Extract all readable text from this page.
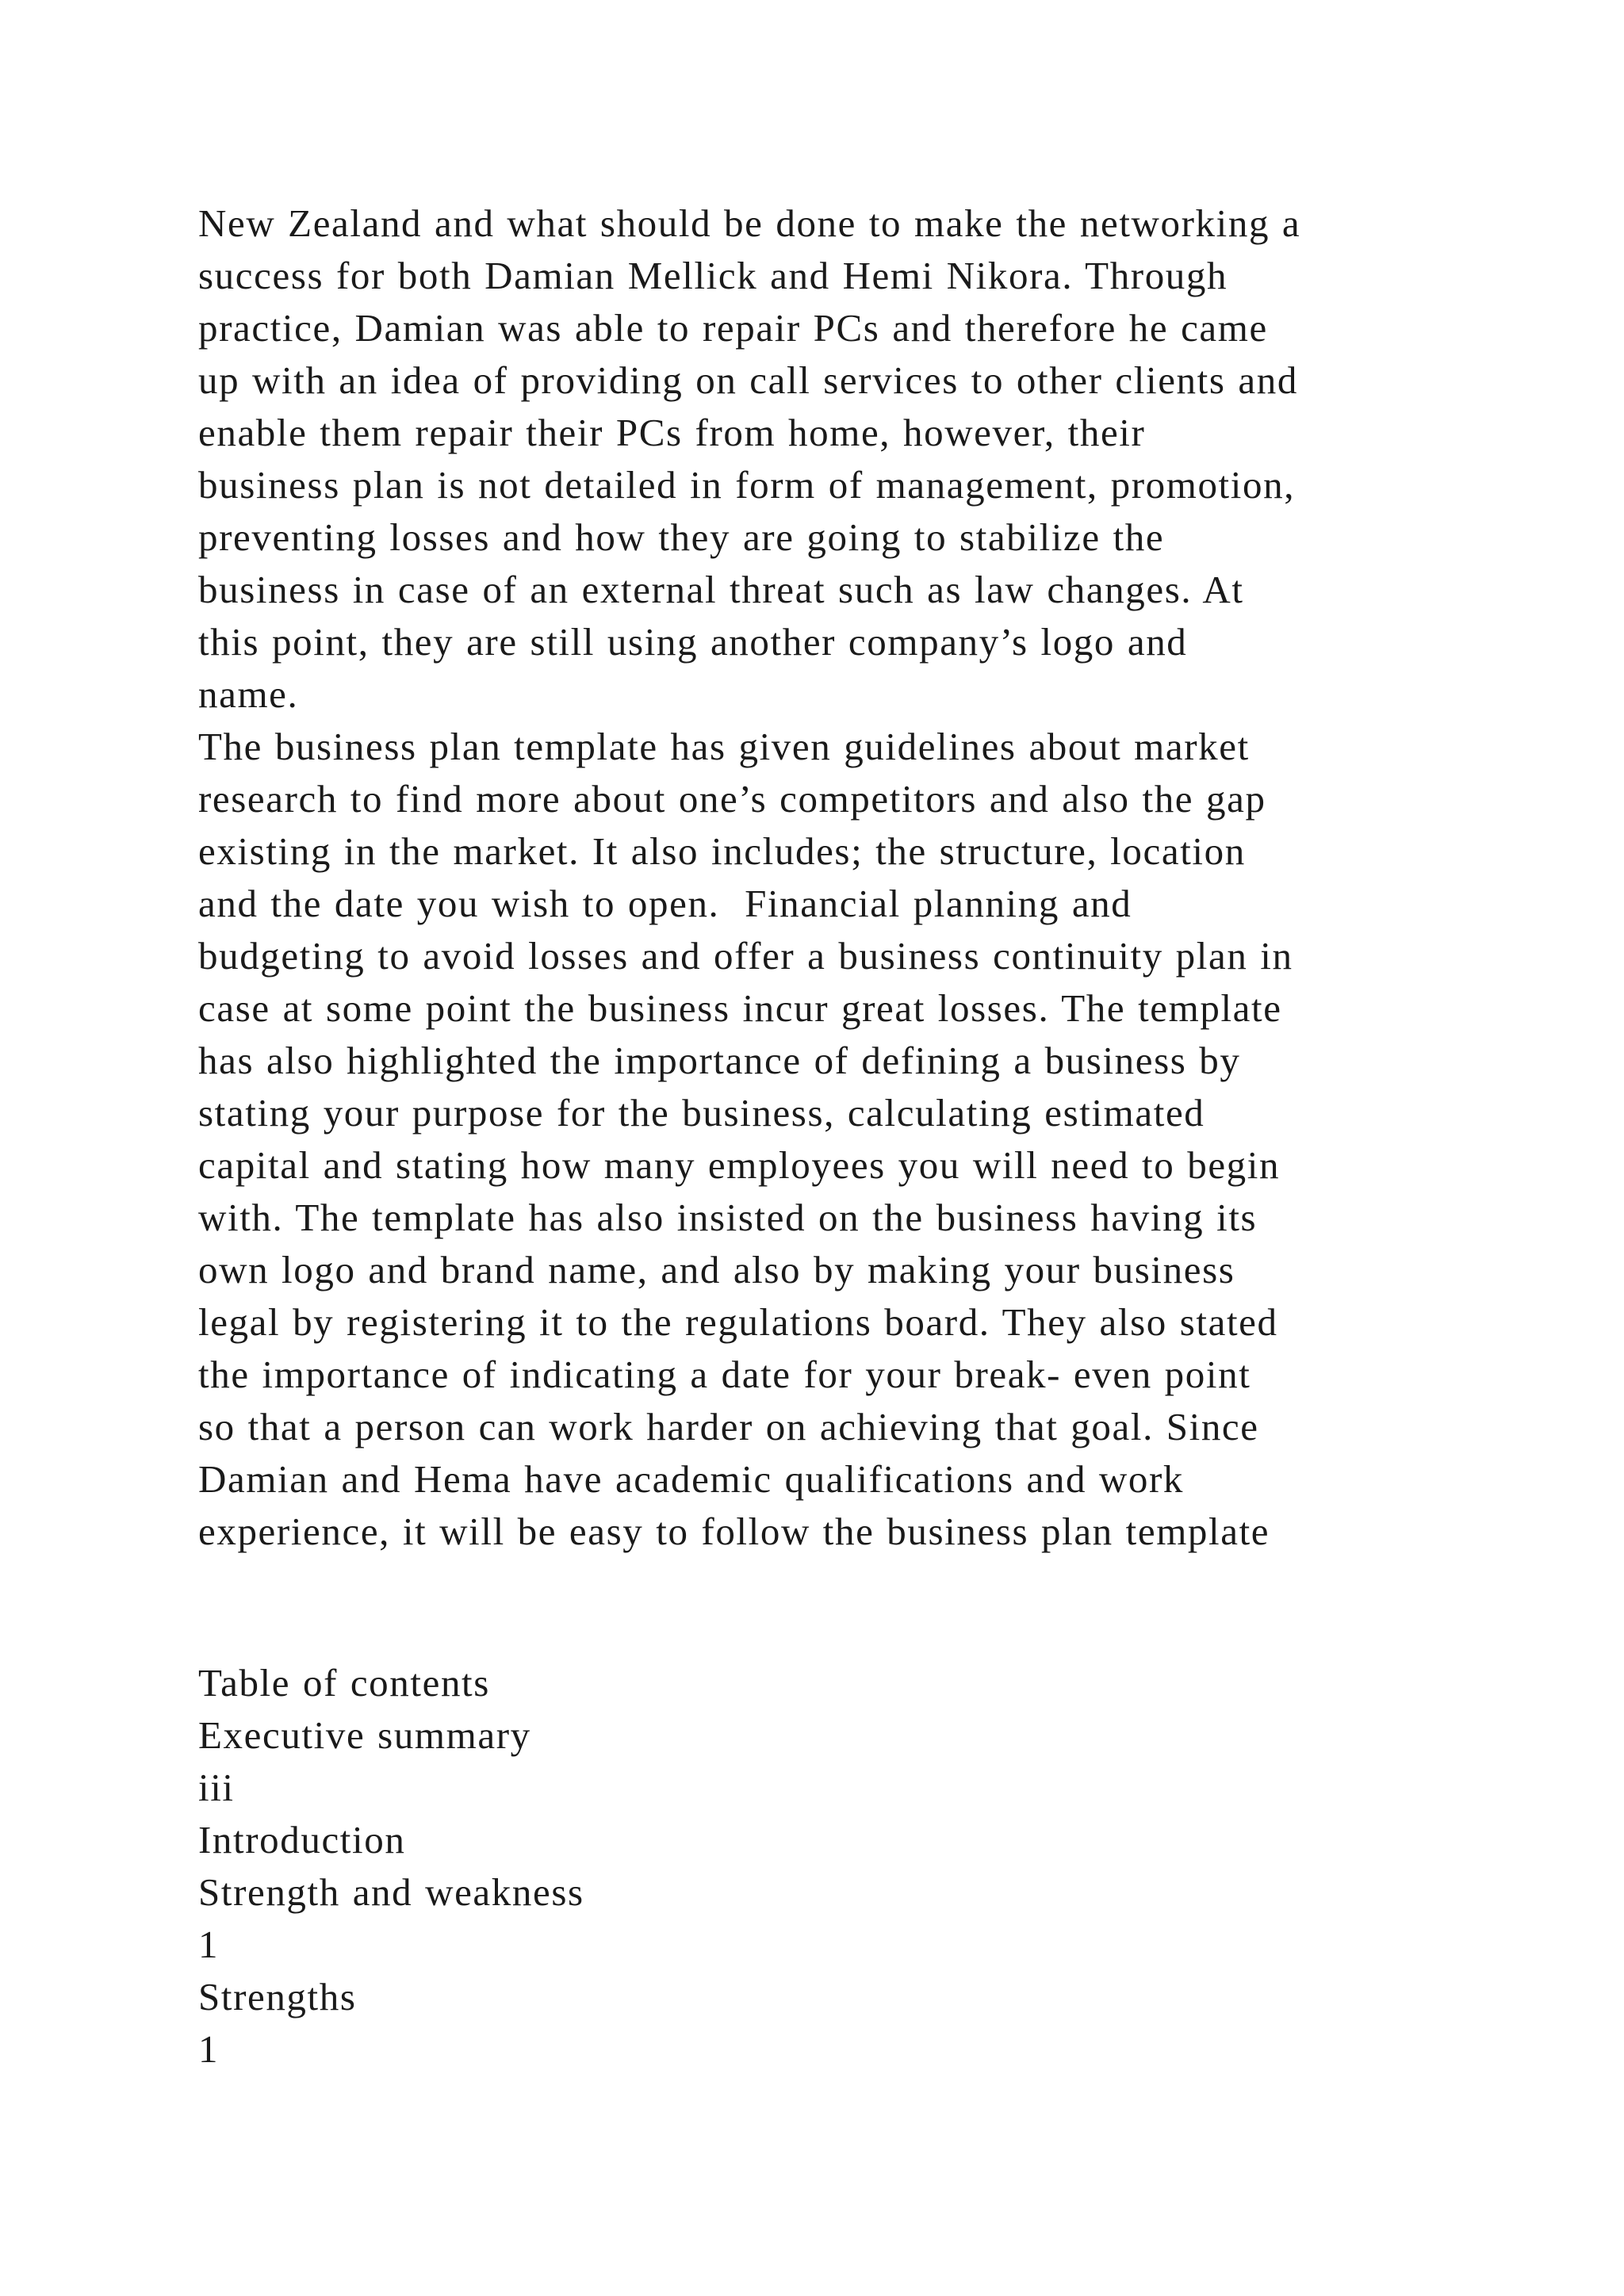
New Zealand and what should be done to make the networking a
success for both Damian Mellick and Hemi Nikora. Through
practice, Damian was able to repair PCs and therefore he came
up with an idea of providing on call services to other clients and
enable them repair their PCs from home, however, their
business plan is not detailed in form of management, promotion,
preventing losses and how they are going to stabilize the
business in case of an external threat such as law changes. At
this point, they are still using another company’s logo and
name.
The business plan template has given guidelines about market
research to find more about one’s competitors and also the gap
existing in the market. It also includes; the structure, location
and the date you wish to open.  Financial planning and
budgeting to avoid losses and offer a business continuity plan in
case at some point the business incur great losses. The template
has also highlighted the importance of defining a business by
stating your purpose for the business, calculating estimated
capital and stating how many employees you will need to begin
with. The template has also insisted on the business having its
own logo and brand name, and also by making your business
legal by registering it to the regulations board. They also stated
the importance of indicating a date for your break- even point
so that a person can work harder on achieving that goal. Since
Damian and Hema have academic qualifications and work
experience, it will be easy to follow the business plan template
Table of contents
Executive summary
iii
Introduction
Strength and weakness
1
Strengths
1
